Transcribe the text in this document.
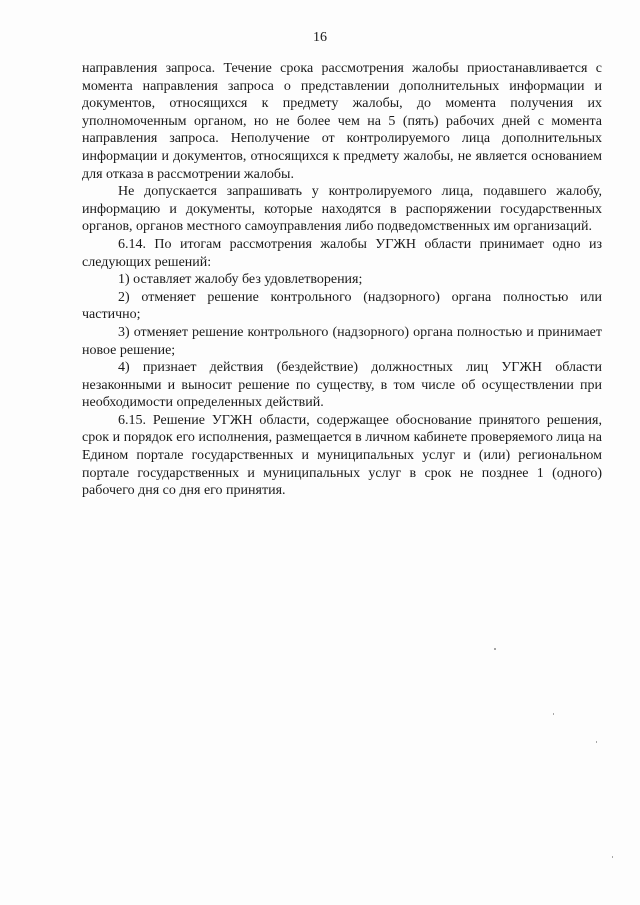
16

направления запроса. Течение срока рассмотрения жалобы приостанавливается с момента направления запроса о представлении дополнительных информации и документов, относящихся к предмету жалобы, до момента получения их уполномоченным органом, но не более чем на 5 (пять) рабочих дней с момента направления запроса. Неполучение от контролируемого лица дополнительных информации и документов, относящихся к предмету жалобы, не является основанием для отказа в рассмотрении жалобы.

Не допускается запрашивать у контролируемого лица, подавшего жалобу, информацию и документы, которые находятся в распоряжении государственных органов, органов местного самоуправления либо подведомственных им организаций.

6.14. По итогам рассмотрения жалобы УГЖН области принимает одно из следующих решений:

1) оставляет жалобу без удовлетворения;

2) отменяет решение контрольного (надзорного) органа полностью или частично;

3) отменяет решение контрольного (надзорного) органа полностью и принимает новое решение;

4) признает действия (бездействие) должностных лиц УГЖН области незаконными и выносит решение по существу, в том числе об осуществлении при необходимости определенных действий.

6.15. Решение УГЖН области, содержащее обоснование принятого решения, срок и порядок его исполнения, размещается в личном кабинете проверяемого лица на Едином портале государственных и муниципальных услуг и (или) региональном портале государственных и муниципальных услуг в срок не позднее 1 (одного) рабочего дня со дня его принятия.
